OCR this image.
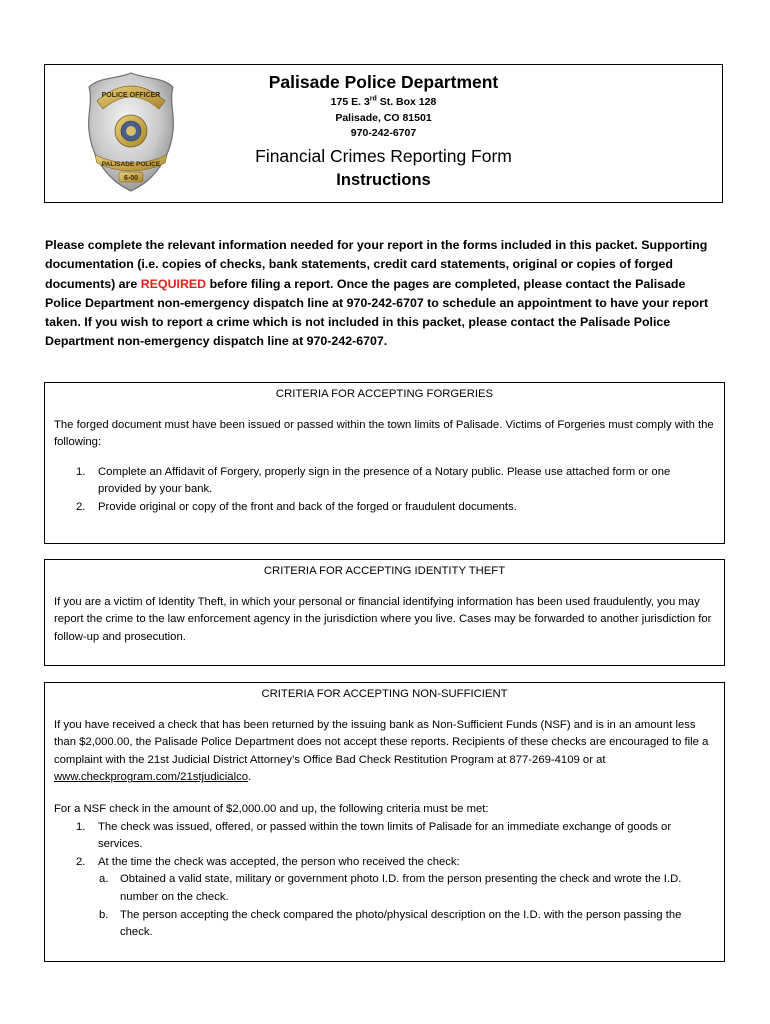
POLICE OFFICER
PALISADE POLICE
6-00
Palisade Police Department
175 E. 3rd St. Box 128
Palisade, CO 81501
970-242-6707
Financial Crimes Reporting Form
Instructions
Please complete the relevant information needed for your report in the forms included in this packet. Supporting documentation (i.e. copies of checks, bank statements, credit card statements, original or copies of forged documents) are REQUIRED before filing a report. Once the pages are completed, please contact the Palisade Police Department non-emergency dispatch line at 970-242-6707 to schedule an appointment to have your report taken. If you wish to report a crime which is not included in this packet, please contact the Palisade Police Department non-emergency dispatch line at 970-242-6707.
CRITERIA FOR ACCEPTING FORGERIES
The forged document must have been issued or passed within the town limits of Palisade. Victims of Forgeries must comply with the following:
1. Complete an Affidavit of Forgery, properly sign in the presence of a Notary public. Please use attached form or one provided by your bank.
2. Provide original or copy of the front and back of the forged or fraudulent documents.
CRITERIA FOR ACCEPTING IDENTITY THEFT
If you are a victim of Identity Theft, in which your personal or financial identifying information has been used fraudulently, you may report the crime to the law enforcement agency in the jurisdiction where you live. Cases may be forwarded to another jurisdiction for follow-up and prosecution.
CRITERIA FOR ACCEPTING NON-SUFFICIENT
If you have received a check that has been returned by the issuing bank as Non-Sufficient Funds (NSF) and is in an amount less than $2,000.00, the Palisade Police Department does not accept these reports. Recipients of these checks are encouraged to file a complaint with the 21st Judicial District Attorney’s Office Bad Check Restitution Program at 877-269-4109 or at www.checkprogram.com/21stjudicialco.
For a NSF check in the amount of $2,000.00 and up, the following criteria must be met:
1. The check was issued, offered, or passed within the town limits of Palisade for an immediate exchange of goods or services.
2. At the time the check was accepted, the person who received the check:
a. Obtained a valid state, military or government photo I.D. from the person presenting the check and wrote the I.D. number on the check.
b. The person accepting the check compared the photo/physical description on the I.D. with the person passing the check.
